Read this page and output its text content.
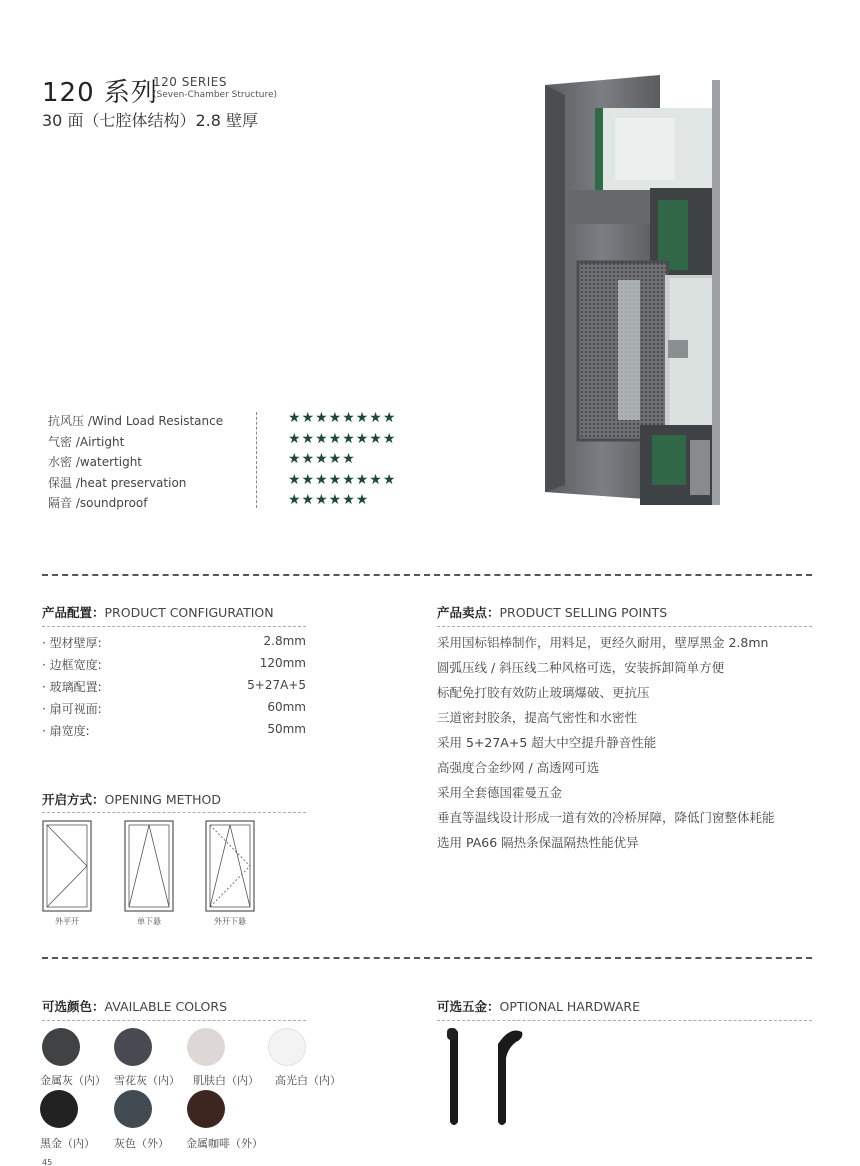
120 系列
120 SERIES
(Seven-Chamber Structure)
30 面（七腔体结构）2.8 壁厚
抗风压 /Wind Load Resistance	★★★★★★★★
气密 /Airtight	★★★★★★★★
水密 /watertight	★★★★★
保温 /heat preservation	★★★★★★★★
隔音 /soundproof	★★★★★★
产品配置：PRODUCT CONFIGURATION
· 型材壁厚:	2.8mm
· 边框宽度:	120mm
· 玻璃配置:	5+27A+5
· 扇可视面:	60mm
· 扇宽度:	50mm
产品卖点：PRODUCT SELLING POINTS
采用国标铝棒制作，用料足，更经久耐用，壁厚黑金 2.8mn
圆弧压线 / 斜压线二种风格可选，安装拆卸简单方便
标配免打胶有效防止玻璃爆破、更抗压
三道密封胶条，提高气密性和水密性
采用 5+27A+5 超大中空提升静音性能
高强度合金纱网 / 高透网可选
采用全套德国霍曼五金
垂直等温线设计形成一道有效的冷桥屏障，降低门窗整体耗能
选用 PA66 隔热条保温隔热性能优异
开启方式：OPENING METHOD
外平开	单下悬	外开下悬
可选颜色：AVAILABLE COLORS
金属灰（内） 雪花灰（内） 肌肤白（内） 高光白（内）
黑金（内） 灰色（外） 金属咖啡（外）
可选五金：OPTIONAL HARDWARE
45
